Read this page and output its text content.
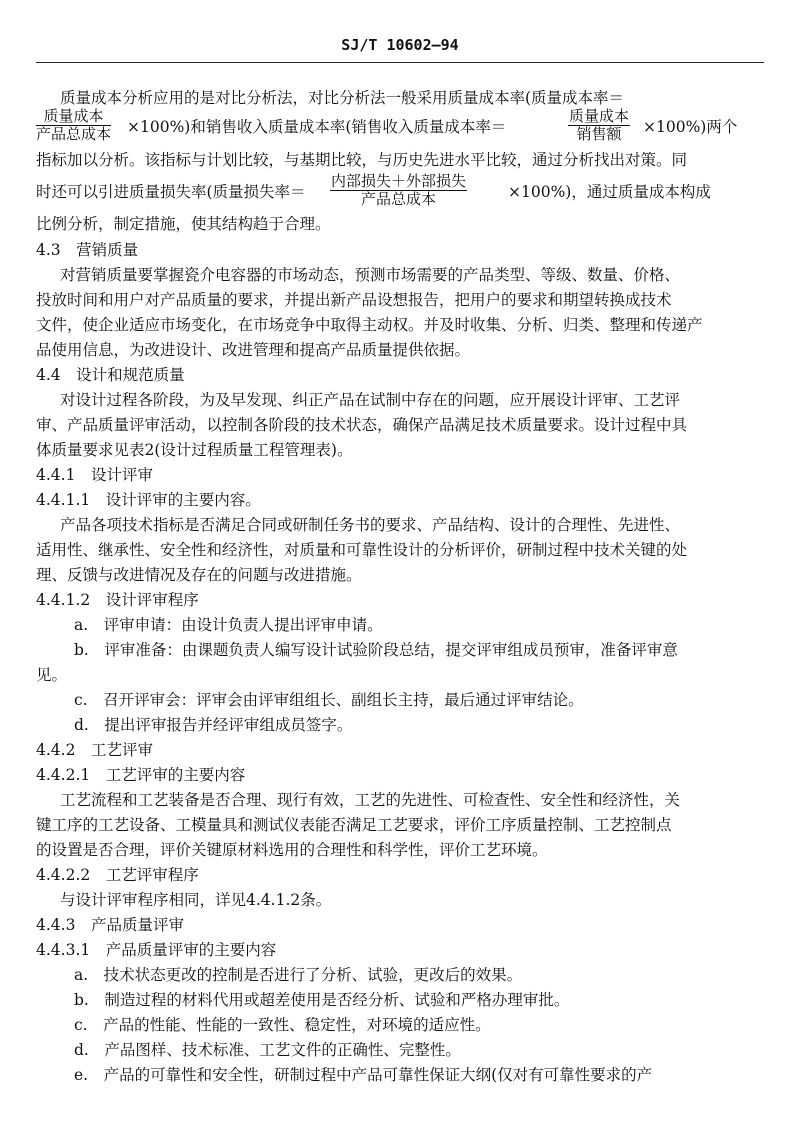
SJ/T 10602—94
质量成本分析应用的是对比分析法，对比分析法一般采用质量成本率(质量成本率＝
质量成本
产品总成本 ×100%)和销售收入质量成本率(销售收入质量成本率＝
质量成本
销售额	×100%)两个
指标加以分析。该指标与计划比较，与基期比较，与历史先进水平比较，通过分析找出对策。同
时还可以引进质量损失率(质量损失率＝
内部损失＋外部损失
产品总成本	×100%)，通过质量成本构成
比例分析，制定措施，使其结构趋于合理。
4.3　营销质量
对营销质量要掌握瓷介电容器的市场动态，预测市场需要的产品类型、等级、数量、价格、
投放时间和用户对产品质量的要求，并提出新产品设想报告，把用户的要求和期望转换成技术
文件，使企业适应市场变化，在市场竞争中取得主动权。并及时收集、分析、归类、整理和传递产
品使用信息，为改进设计、改进管理和提高产品质量提供依据。
4.4　设计和规范质量
对设计过程各阶段，为及早发现、纠正产品在试制中存在的问题，应开展设计评审、工艺评
审、产品质量评审活动，以控制各阶段的技术状态，确保产品满足技术质量要求。设计过程中具
体质量要求见表2(设计过程质量工程管理表)。
4.4.1　设计评审
4.4.1.1　设计评审的主要内容。
产品各项技术指标是否满足合同或研制任务书的要求、产品结构、设计的合理性、先进性、
适用性、继承性、安全性和经济性，对质量和可靠性设计的分析评价，研制过程中技术关键的处
理、反馈与改进情况及存在的问题与改进措施。
4.4.1.2　设计评审程序
a.　评审申请：由设计负责人提出评审申请。
b.　评审准备：由课题负责人编写设计试验阶段总结，提交评审组成员预审，准备评审意
见。
c.　召开评审会：评审会由评审组组长、副组长主持，最后通过评审结论。
d.　提出评审报告并经评审组成员签字。
4.4.2　工艺评审
4.4.2.1　工艺评审的主要内容
工艺流程和工艺装备是否合理、现行有效，工艺的先进性、可检查性、安全性和经济性，关
键工序的工艺设备、工模量具和测试仪表能否满足工艺要求，评价工序质量控制、工艺控制点
的设置是否合理，评价关键原材料选用的合理性和科学性，评价工艺环境。
4.4.2.2　工艺评审程序
与设计评审程序相同，详见4.4.1.2条。
4.4.3　产品质量评审
4.4.3.1　产品质量评审的主要内容
a.　技术状态更改的控制是否进行了分析、试验，更改后的效果。
b.　制造过程的材料代用或超差使用是否经分析、试验和严格办理审批。
c.　产品的性能、性能的一致性、稳定性，对环境的适应性。
d.　产品图样、技术标准、工艺文件的正确性、完整性。
e.　产品的可靠性和安全性，研制过程中产品可靠性保证大纲(仅对有可靠性要求的产
